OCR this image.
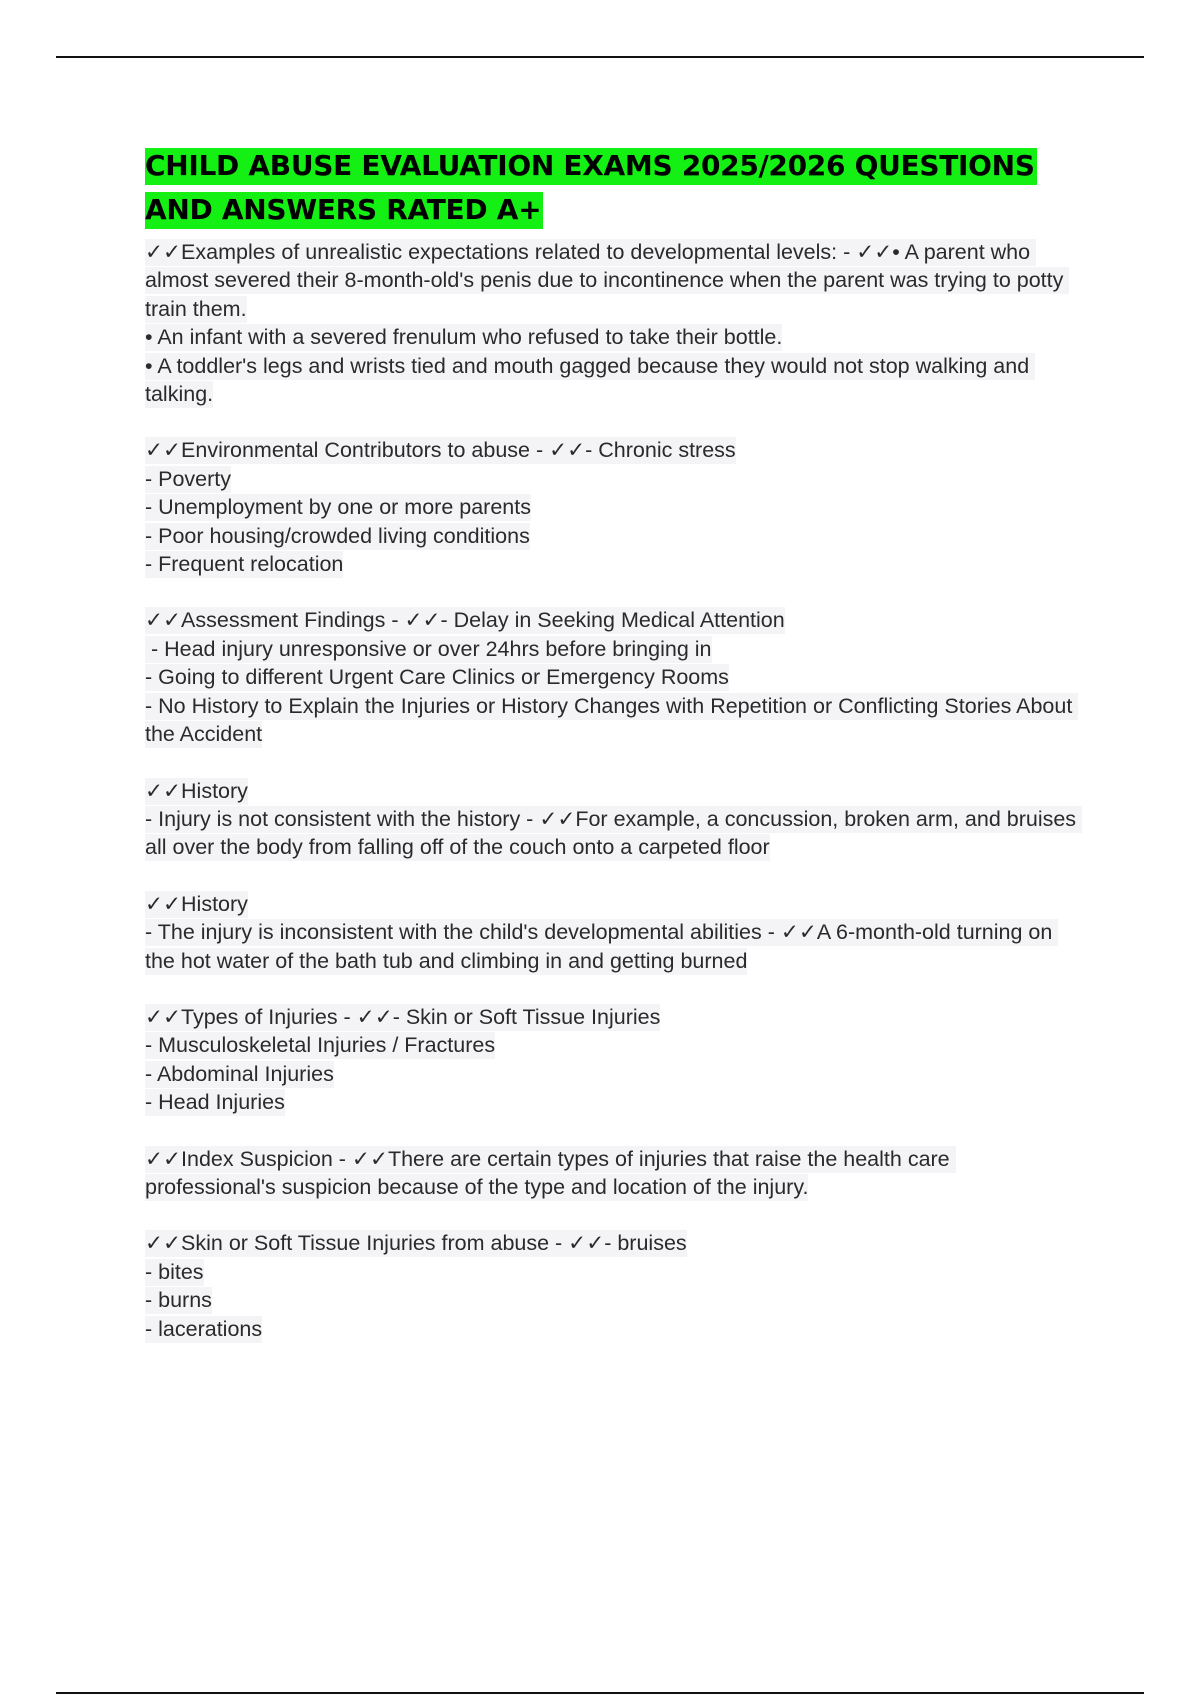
CHILD ABUSE EVALUATION EXAMS 2025/2026 QUESTIONS AND ANSWERS RATED A+
✓✓Examples of unrealistic expectations related to developmental levels: - ✓✓• A parent who almost severed their 8-month-old's penis due to incontinence when the parent was trying to potty train them.
• An infant with a severed frenulum who refused to take their bottle.
• A toddler's legs and wrists tied and mouth gagged because they would not stop walking and talking.
✓✓Environmental Contributors to abuse - ✓✓- Chronic stress
- Poverty
- Unemployment by one or more parents
- Poor housing/crowded living conditions
- Frequent relocation
✓✓Assessment Findings - ✓✓- Delay in Seeking Medical Attention
- Head injury unresponsive or over 24hrs before bringing in
- Going to different Urgent Care Clinics or Emergency Rooms
- No History to Explain the Injuries or History Changes with Repetition or Conflicting Stories About the Accident
✓✓History
- Injury is not consistent with the history - ✓✓For example, a concussion, broken arm, and bruises all over the body from falling off of the couch onto a carpeted floor
✓✓History
- The injury is inconsistent with the child's developmental abilities - ✓✓A 6-month-old turning on the hot water of the bath tub and climbing in and getting burned
✓✓Types of Injuries - ✓✓- Skin or Soft Tissue Injuries
- Musculoskeletal Injuries / Fractures
- Abdominal Injuries
- Head Injuries
✓✓Index Suspicion - ✓✓There are certain types of injuries that raise the health care professional's suspicion because of the type and location of the injury.
✓✓Skin or Soft Tissue Injuries from abuse - ✓✓- bruises
- bites
- burns
- lacerations
